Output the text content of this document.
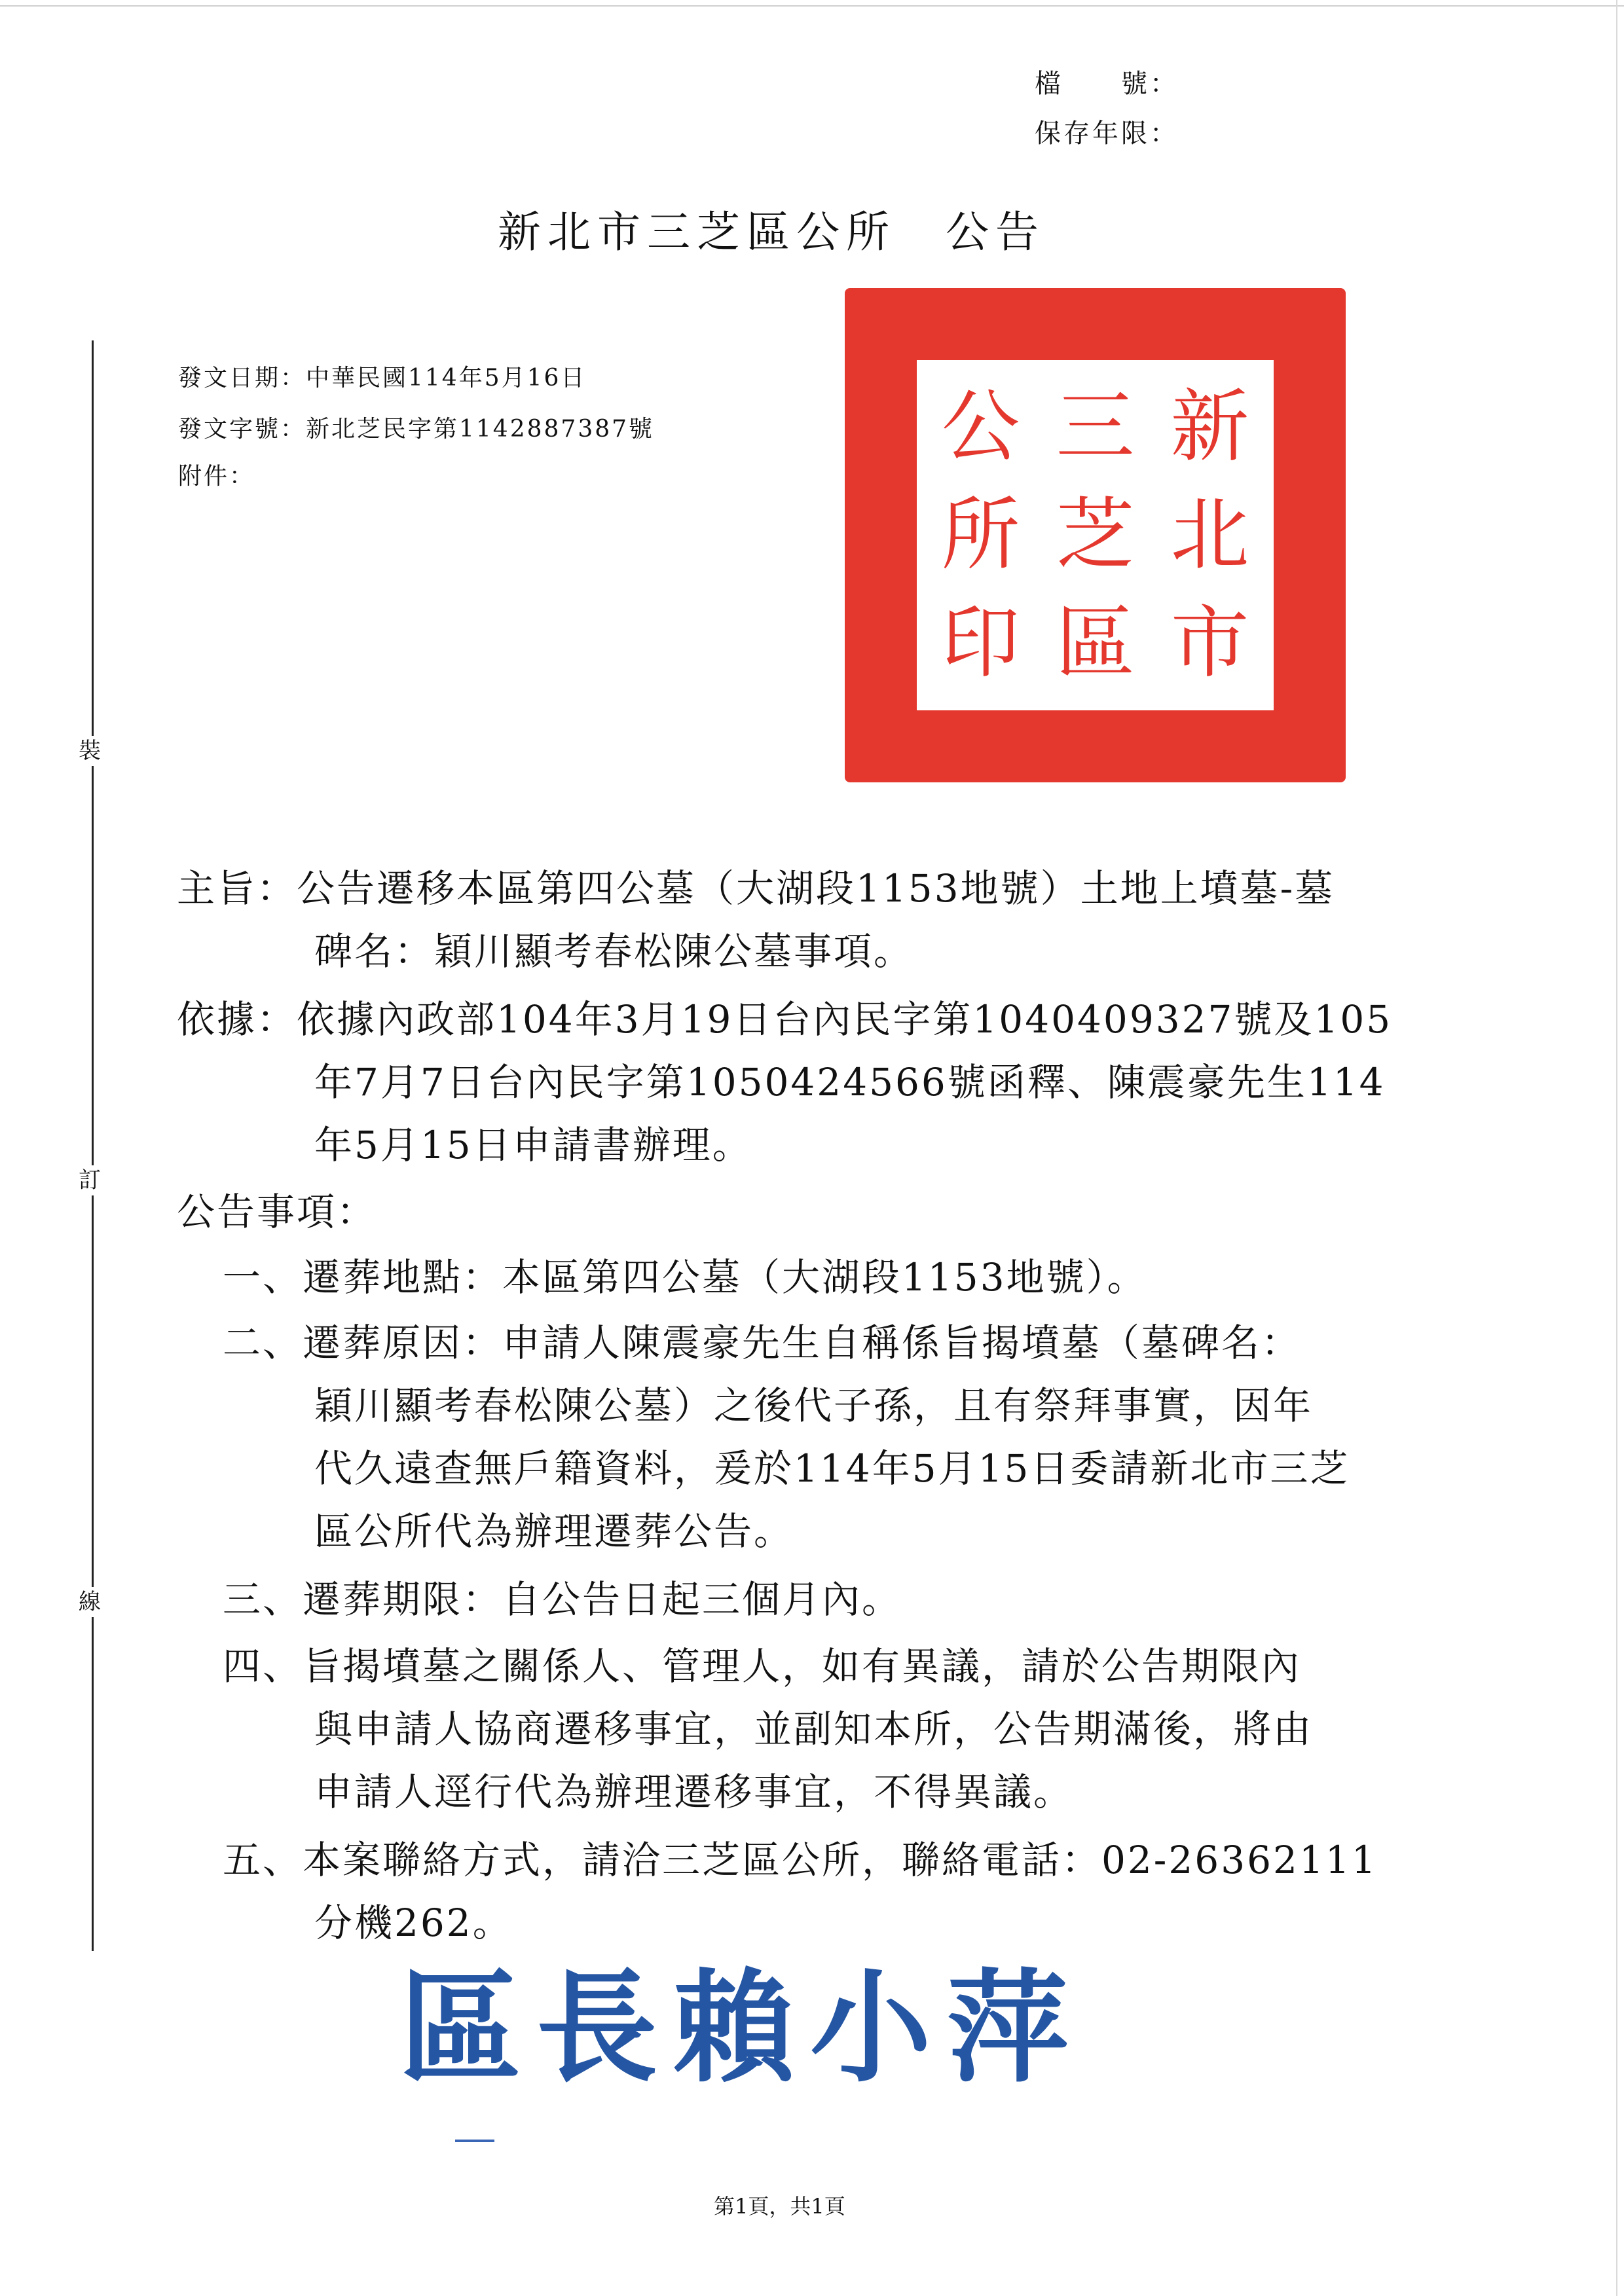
檔　　號：
保存年限：
新北市三芝區公所　公告
發文日期：中華民國114年5月16日
發文字號：新北芝民字第1142887387號
附件：
新
北
市
三
芝
區
公
所
印
裝
訂
線
主旨：公告遷移本區第四公墓（大湖段1153地號）土地上墳墓-墓
碑名：穎川顯考春松陳公墓事項。
依據：依據內政部104年3月19日台內民字第1040409327號及105
年7月7日台內民字第1050424566號函釋、陳震豪先生114
年5月15日申請書辦理。
公告事項：
一、遷葬地點：本區第四公墓（大湖段1153地號）。
二、遷葬原因：申請人陳震豪先生自稱係旨揭墳墓（墓碑名：
穎川顯考春松陳公墓）之後代子孫，且有祭拜事實，因年
代久遠查無戶籍資料，爰於114年5月15日委請新北市三芝
區公所代為辦理遷葬公告。
三、遷葬期限：自公告日起三個月內。
四、旨揭墳墓之關係人、管理人，如有異議，請於公告期限內
與申請人協商遷移事宜，並副知本所，公告期滿後，將由
申請人逕行代為辦理遷移事宜，不得異議。
五、本案聯絡方式，請洽三芝區公所，聯絡電話：02-26362111
分機262。
區長賴小萍
第1頁，共1頁
